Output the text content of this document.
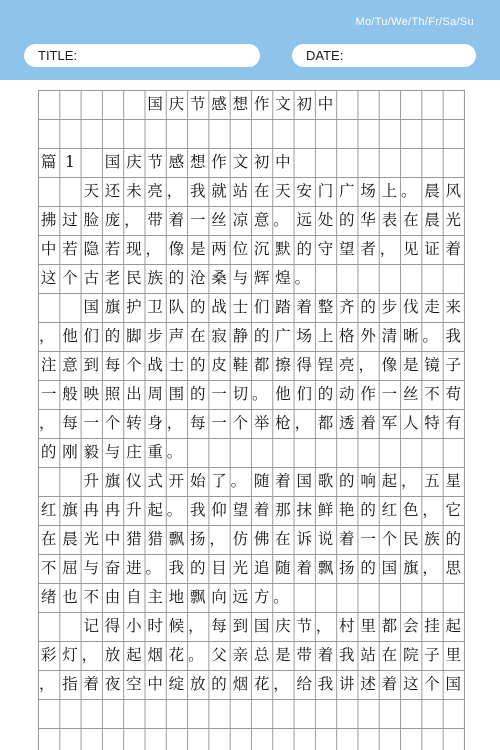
Mo/Tu/We/Th/Fr/Sa/Su
TITLE:	DATE:
国 庆 节 感 想 作 文 初 中
篇 1	国 庆 节 感 想 作 文 初 中
天 还 未 亮 ， 我 就 站 在 天 安 门 广 场 上 。 晨 风
拂 过 脸 庞 ， 带 着 一 丝 凉 意 。 远 处 的 华 表 在 晨 光
中 若 隐 若 现 ， 像 是 两 位 沉 默 的 守 望 者 ， 见 证 着
这 个 古 老 民 族 的 沧 桑 与 辉 煌 。
国 旗 护 卫 队 的 战 士 们 踏 着 整 齐 的 步 伐 走 来
， 他 们 的 脚 步 声 在 寂 静 的 广 场 上 格 外 清 晰 。 我
注 意 到 每 个 战 士 的 皮 鞋 都 擦 得 锃 亮 ， 像 是 镜 子
一 般 映 照 出 周 围 的 一 切 。 他 们 的 动 作 一 丝 不 苟
， 每 一 个 转 身 ， 每 一 个 举 枪 ， 都 透 着 军 人 特 有
的 刚 毅 与 庄 重 。
升 旗 仪 式 开 始 了 。 随 着 国 歌 的 响 起 ， 五 星
红 旗 冉 冉 升 起 。 我 仰 望 着 那 抹 鲜 艳 的 红 色 ， 它
在 晨 光 中 猎 猎 飘 扬 ， 仿 佛 在 诉 说 着 一 个 民 族 的
不 屈 与 奋 进 。 我 的 目 光 追 随 着 飘 扬 的 国 旗 ， 思
绪 也 不 由 自 主 地 飘 向 远 方 。
记 得 小 时 候 ， 每 到 国 庆 节 ， 村 里 都 会 挂 起
彩 灯 ， 放 起 烟 花 。 父 亲 总 是 带 着 我 站 在 院 子 里
， 指 着 夜 空 中 绽 放 的 烟 花 ， 给 我 讲 述 着 这 个 国
